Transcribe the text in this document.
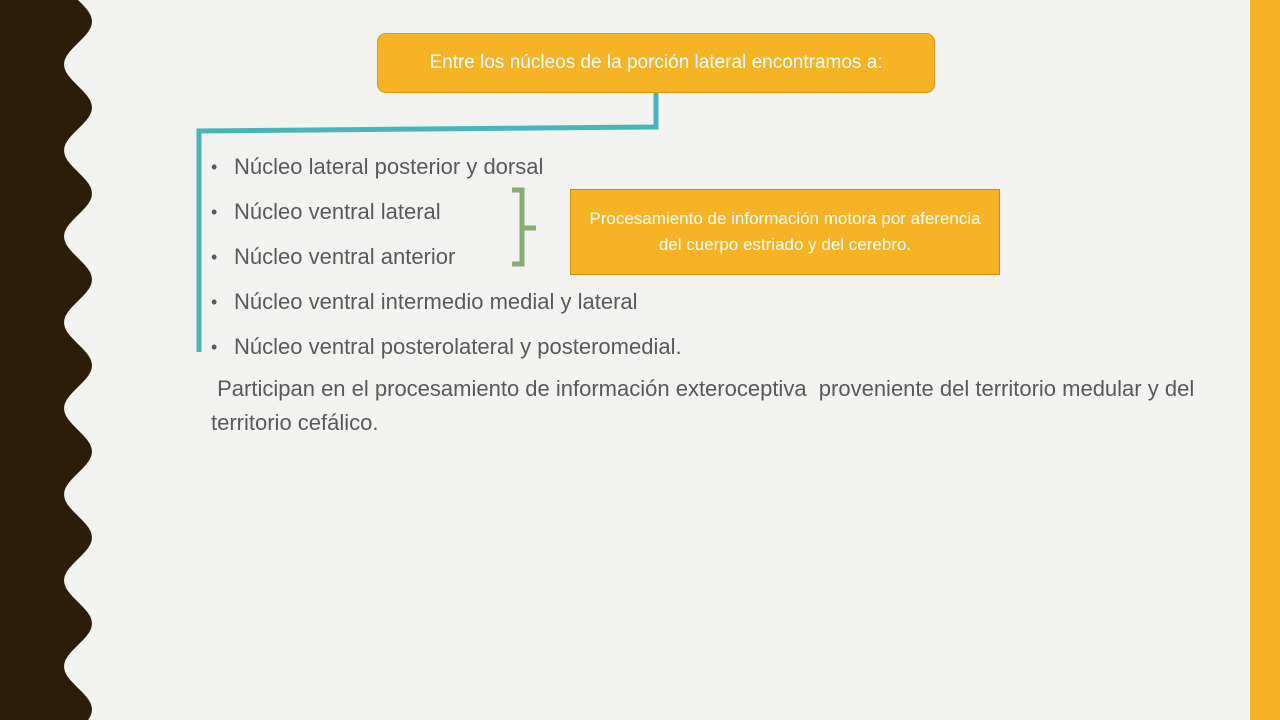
Entre los núcleos de la porción lateral encontramos a:
• Núcleo lateral posterior y dorsal
• Núcleo ventral lateral
• Núcleo ventral anterior
• Núcleo ventral intermedio medial y lateral
• Núcleo ventral posterolateral y posteromedial.
Procesamiento de información motora por aferencia del cuerpo estriado y del cerebro.

Participan en el procesamiento de información exteroceptiva  proveniente del territorio medular y del territorio cefálico.
